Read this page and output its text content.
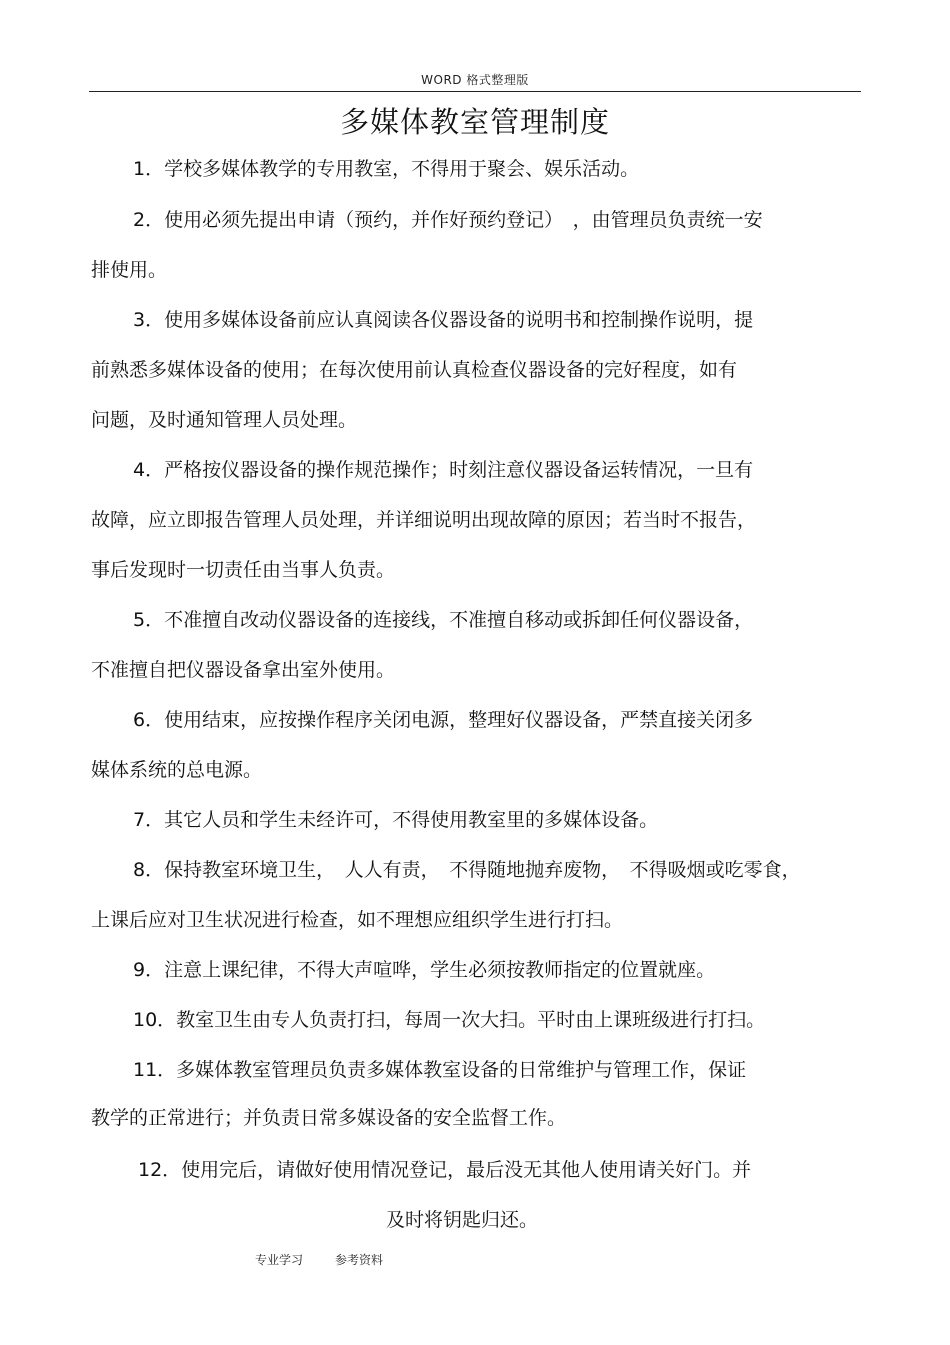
WORD 格式整理版
多媒体教室管理制度
1．学校多媒体教学的专用教室，不得用于聚会、娱乐活动。
2．使用必须先提出申请（预约，并作好预约登记）　，由管理员负责统一安
排使用。
3．使用多媒体设备前应认真阅读各仪器设备的说明书和控制操作说明，提
前熟悉多媒体设备的使用；在每次使用前认真检查仪器设备的完好程度，如有
问题，及时通知管理人员处理。
4．严格按仪器设备的操作规范操作；时刻注意仪器设备运转情况，一旦有
故障，应立即报告管理人员处理，并详细说明出现故障的原因；若当时不报告，
事后发现时一切责任由当事人负责。
5．不准擅自改动仪器设备的连接线，不准擅自移动或拆卸任何仪器设备，
不准擅自把仪器设备拿出室外使用。
6．使用结束，应按操作程序关闭电源，整理好仪器设备，严禁直接关闭多
媒体系统的总电源。
7．其它人员和学生未经许可，不得使用教室里的多媒体设备。
8．保持教室环境卫生，　人人有责，　不得随地抛弃废物，　不得吸烟或吃零食，
上课后应对卫生状况进行检查，如不理想应组织学生进行打扫。
9．注意上课纪律，不得大声喧哗，学生必须按教师指定的位置就座。
10．教室卫生由专人负责打扫，每周一次大扫。平时由上课班级进行打扫。
11．多媒体教室管理员负责多媒体教室设备的日常维护与管理工作，保证
教学的正常进行；并负责日常多媒设备的安全监督工作。
12．使用完后，请做好使用情况登记，最后没无其他人使用请关好门。并
及时将钥匙归还。
专业学习	参考资料
